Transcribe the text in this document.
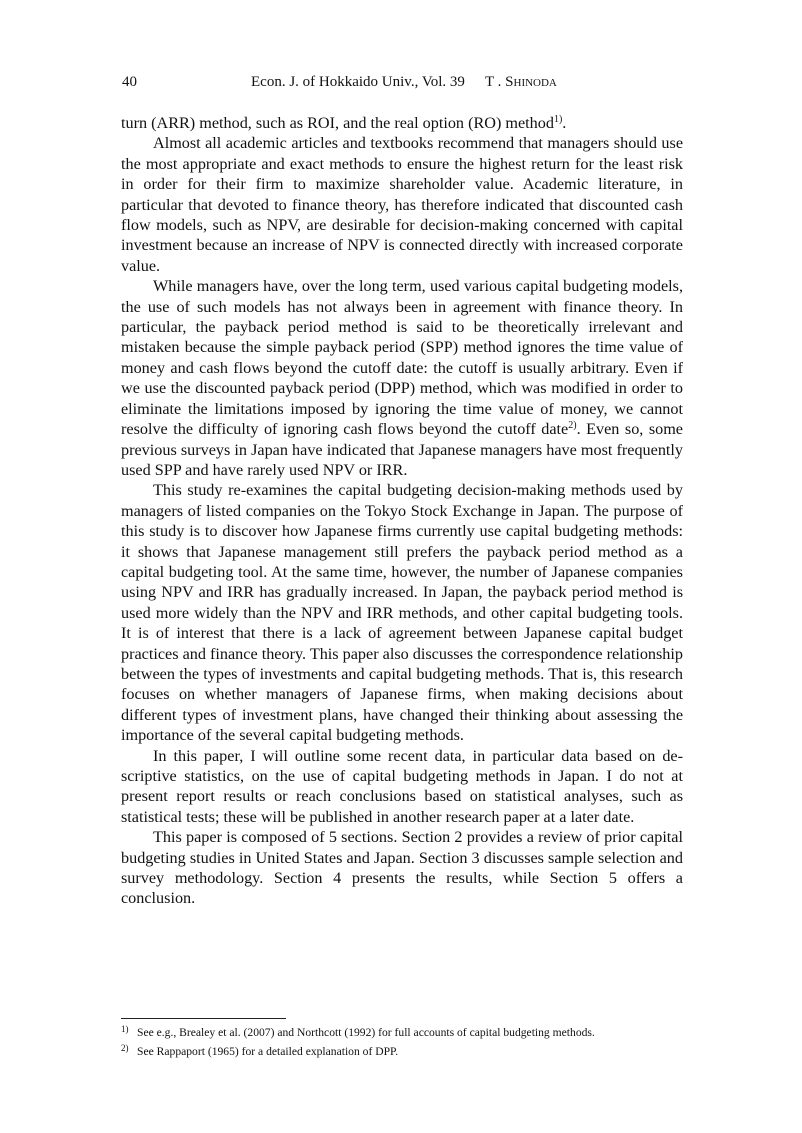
40	Econ. J. of Hokkaido Univ., Vol. 39 T . Shinoda

turn (ARR) method, such as ROI, and the real option (RO) method$^{1)}$.

Almost all academic articles and textbooks recommend that managers should use the most appropriate and exact methods to ensure the highest return for the least risk in order for their firm to maximize shareholder value. Academic literature, in particular that devoted to finance theory, has therefore indicated that discounted cash flow models, such as NPV, are desirable for decision-making concerned with capital investment because an increase of NPV is connected directly with increased corporate value.

While managers have, over the long term, used various capital budgeting models, the use of such models has not always been in agreement with finance theory. In particular, the payback period method is said to be theoretically irrelevant and mistaken because the simple payback period (SPP) method ignores the time value of money and cash flows beyond the cutoff date: the cutoff is usually arbitrary. Even if we use the discounted payback period (DPP) method, which was modified in order to eliminate the limitations imposed by ignoring the time value of money, we cannot resolve the difficulty of ignoring cash flows beyond the cutoff date$^{2)}$. Even so, some previous surveys in Japan have indicated that Japanese managers have most frequently used SPP and have rarely used NPV or IRR.

This study re-examines the capital budgeting decision-making methods used by managers of listed companies on the Tokyo Stock Exchange in Japan. The purpose of this study is to discover how Japanese firms currently use capital budgeting methods: it shows that Japanese management still prefers the payback period method as a capital budgeting tool. At the same time, however, the number of Japanese companies using NPV and IRR has gradually increased. In Japan, the payback period method is used more widely than the NPV and IRR methods, and other capital budgeting tools. It is of interest that there is a lack of agreement between Japanese capital budget practices and finance theory. This paper also discusses the correspondence relationship between the types of investments and capital budgeting methods. That is, this research focuses on whether managers of Japanese firms, when making decisions about different types of investment plans, have changed their thinking about assessing the importance of the several capital budgeting methods.

In this paper, I will outline some recent data, in particular data based on descriptive statistics, on the use of capital budgeting methods in Japan. I do not at present report results or reach conclusions based on statistical analyses, such as statistical tests; these will be published in another research paper at a later date.

This paper is composed of 5 sections. Section 2 provides a review of prior capital budgeting studies in United States and Japan. Section 3 discusses sample selection and survey methodology. Section 4 presents the results, while Section 5 offers a conclusion.

1) See e.g., Brealey et al. (2007) and Northcott (1992) for full accounts of capital budgeting methods.
2) See Rappaport (1965) for a detailed explanation of DPP.
